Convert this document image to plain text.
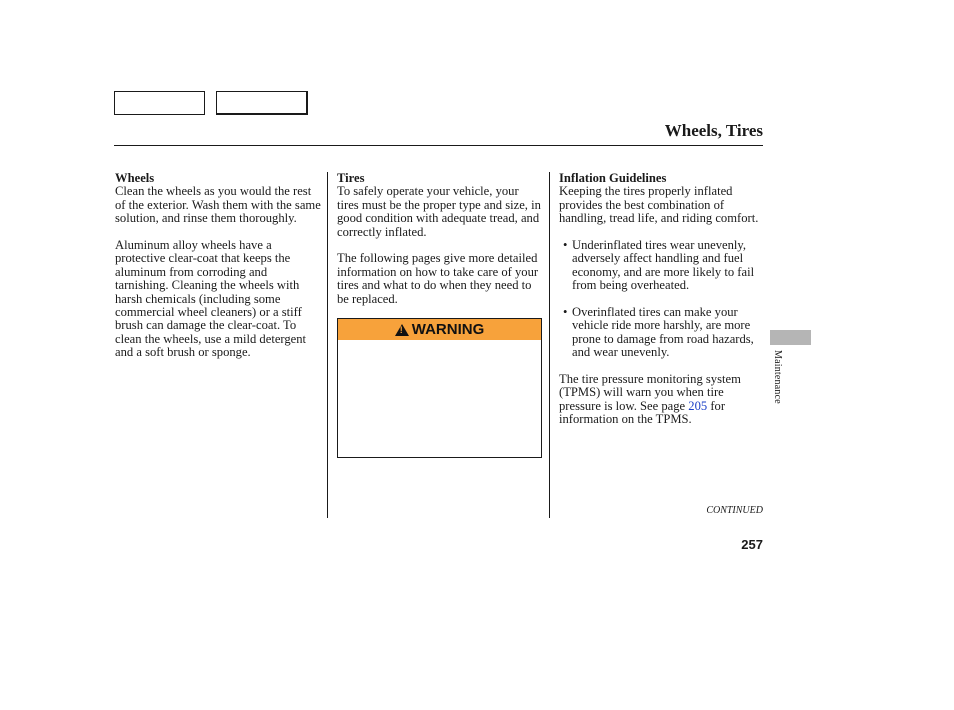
Wheels, Tires
Wheels

Clean the wheels as you would the rest of the exterior. Wash them with the same solution, and rinse them thoroughly.

Aluminum alloy wheels have a protective clear-coat that keeps the aluminum from corroding and tarnishing. Cleaning the wheels with harsh chemicals (including some commercial wheel cleaners) or a stiff brush can damage the clear-coat. To clean the wheels, use a mild detergent and a soft brush or sponge.

Tires

To safely operate your vehicle, your tires must be the proper type and size, in good condition with adequate tread, and correctly inflated.

The following pages give more detailed information on how to take care of your tires and what to do when they need to be replaced.

!
WARNING
Inflation Guidelines

Keeping the tires properly inflated provides the best combination of handling, tread life, and riding comfort.

• Underinflated tires wear unevenly, adversely affect handling and fuel economy, and are more likely to fail from being overheated.
• Overinflated tires can make your vehicle ride more harshly, are more prone to damage from road hazards, and wear unevenly.

The tire pressure monitoring system (TPMS) will warn you when tire pressure is low. See page 205 for information on the TPMS.

CONTINUED
257
Maintenance
